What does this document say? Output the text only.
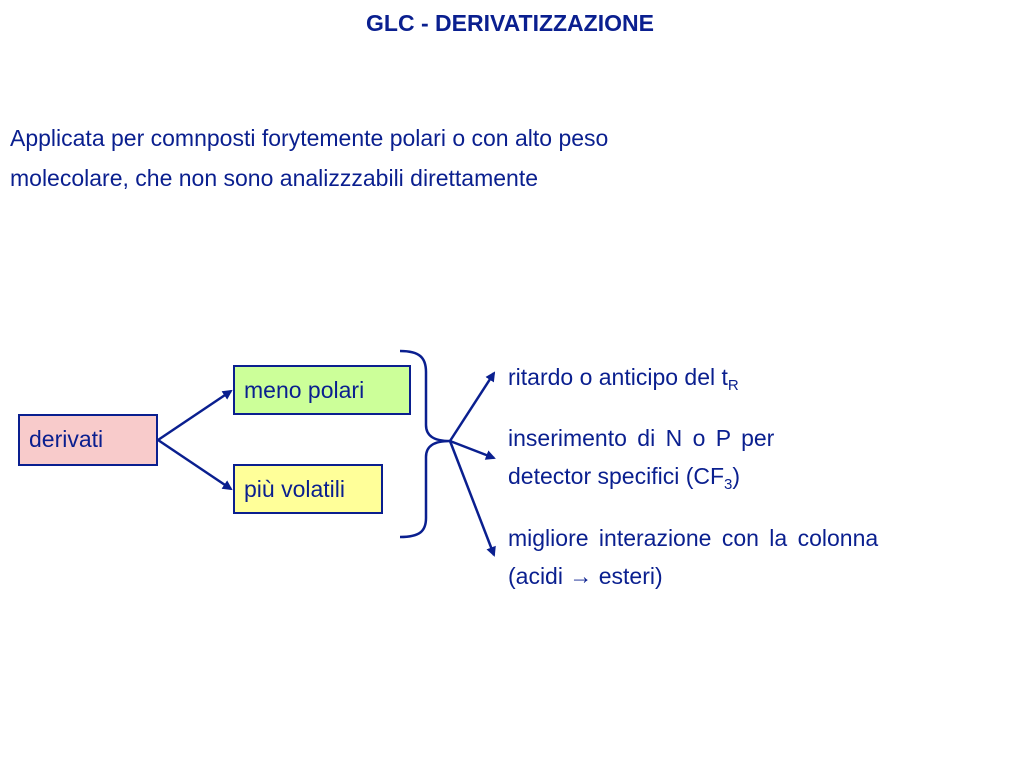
GLC - DERIVATIZZAZIONE
Applicata per comnposti forytemente polari o con alto peso
molecolare, che non sono analizzzabili direttamente
derivati
meno polari
più volatili
ritardo o anticipo del $t_R$
inserimento di N o P per
detector specifici $(CF_3)$
migliore interazione con la colonna
(acidi → esteri)
